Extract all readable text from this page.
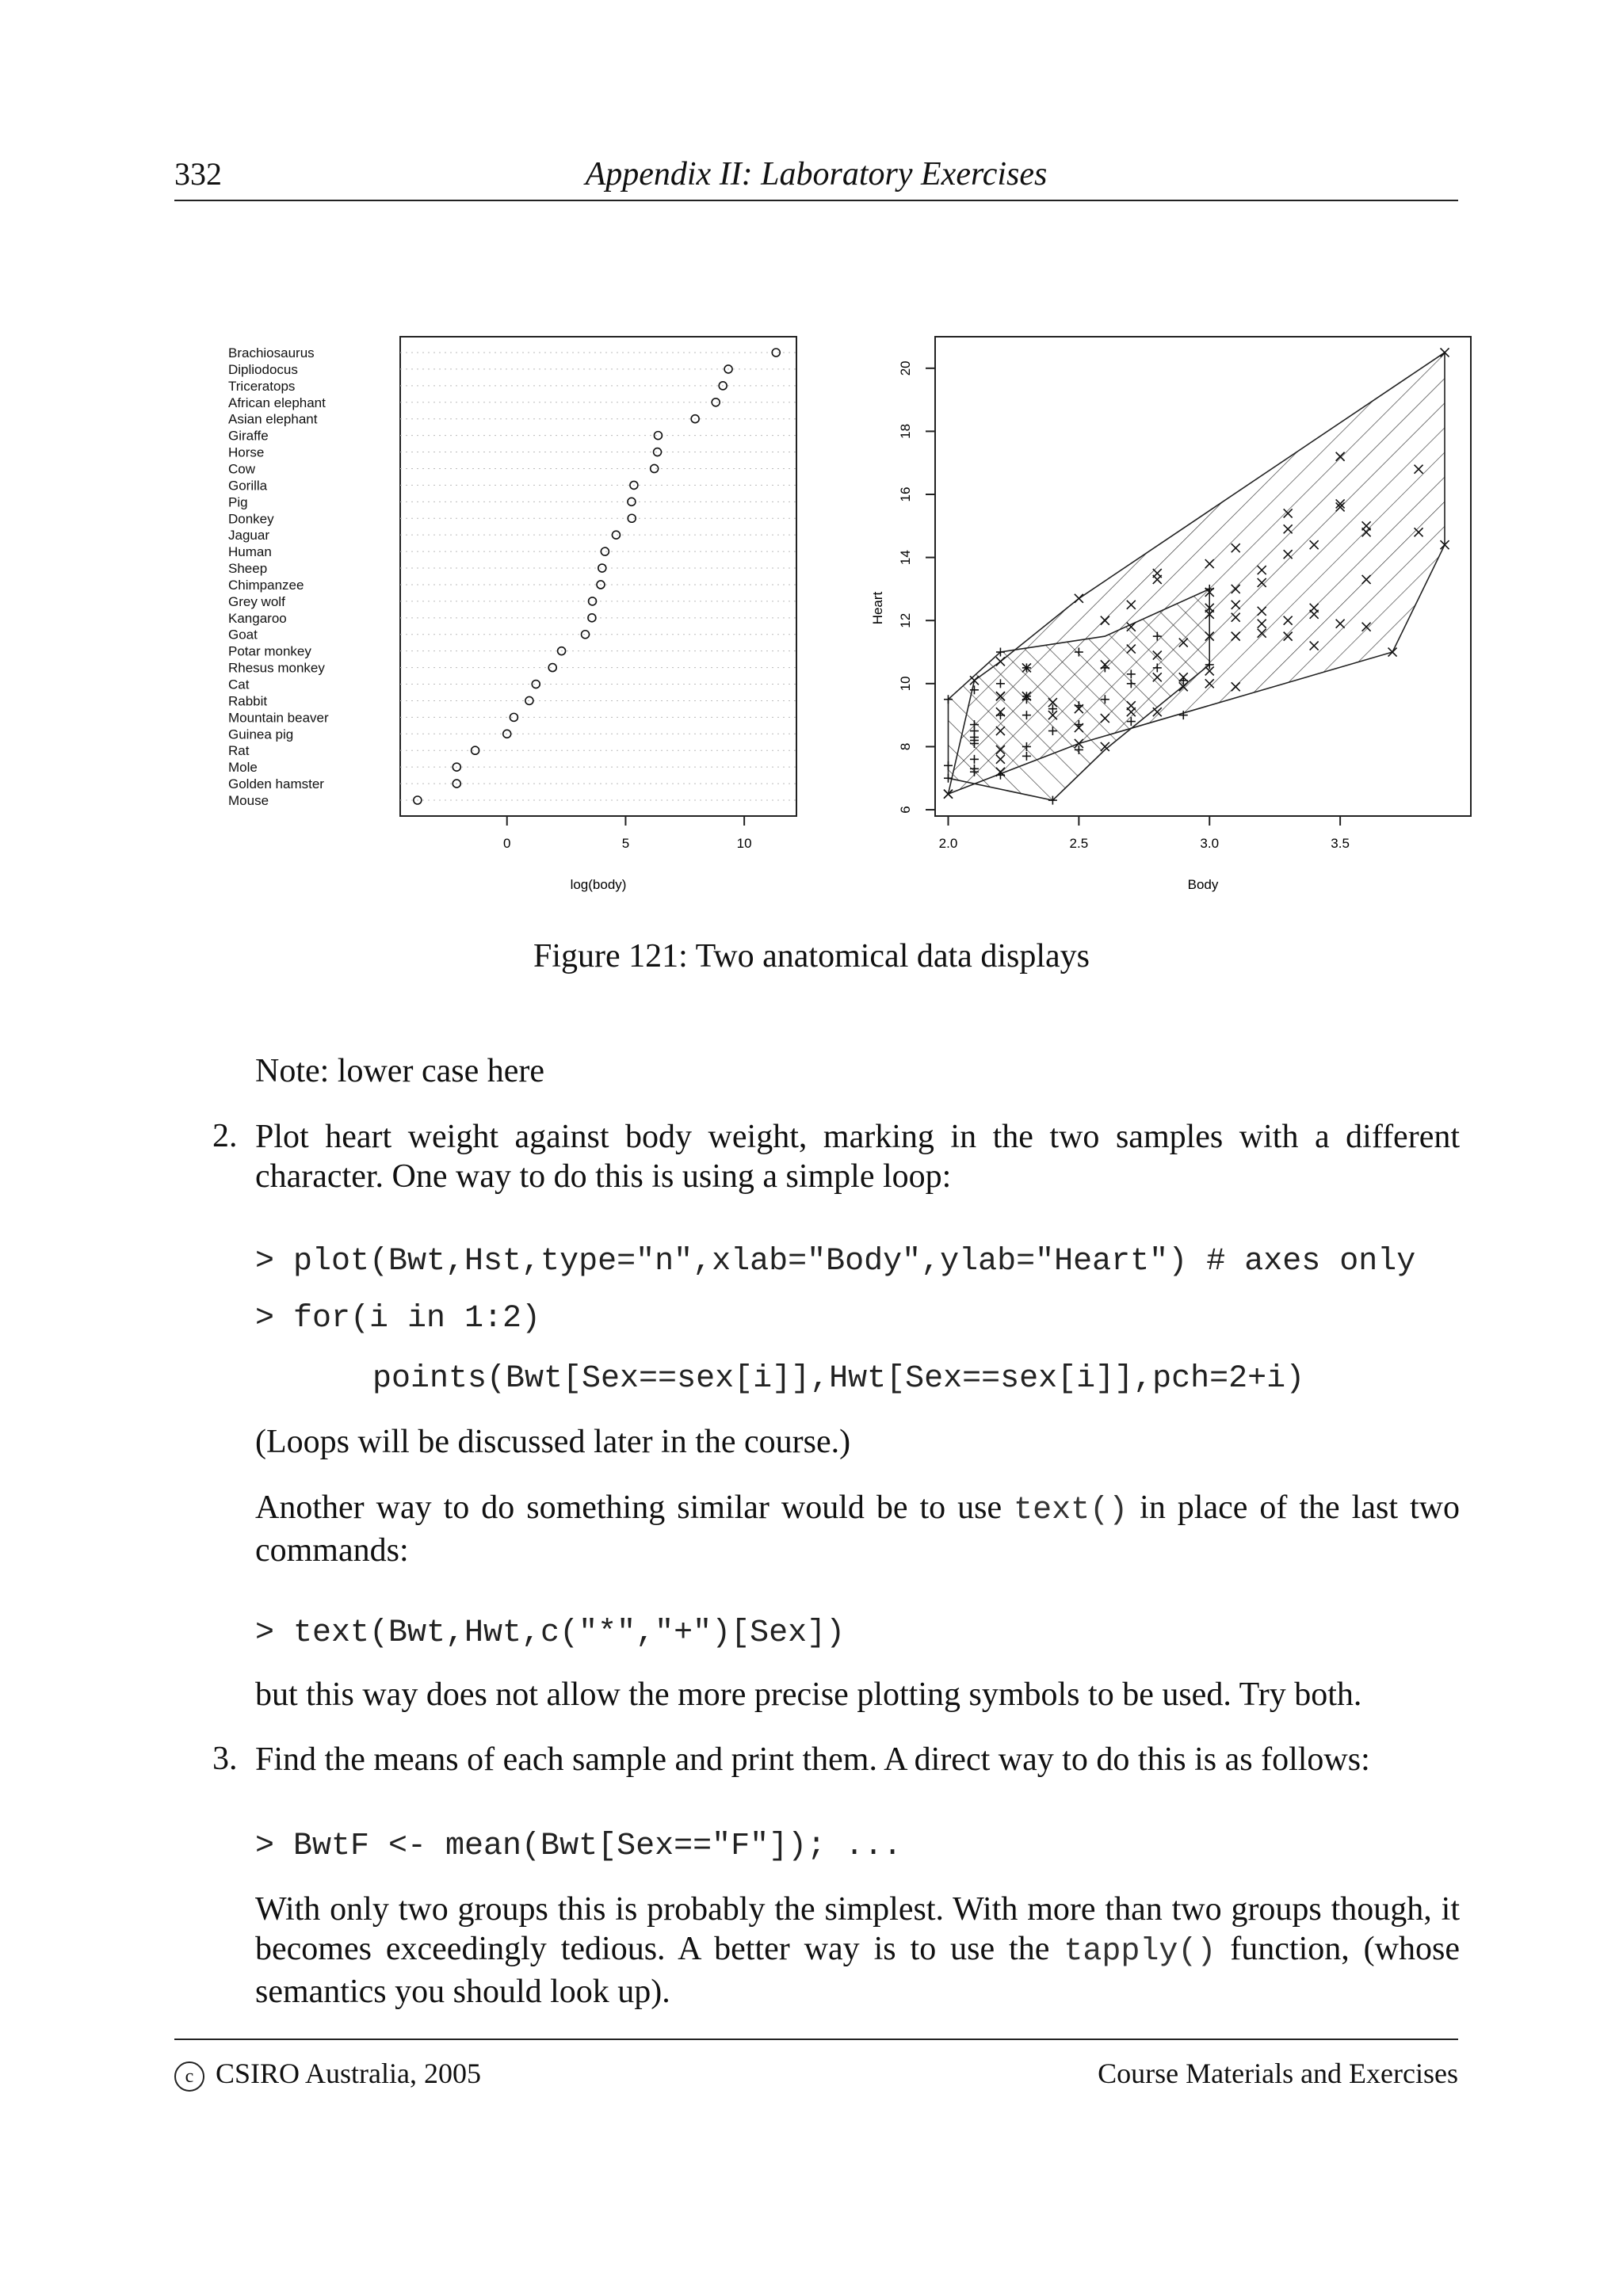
332	Appendix II: Laboratory Exercises
Brachiosaurus
Dipliodocus
Triceratops
African elephant
Asian elephant
Giraffe
Horse
Cow
Gorilla
Pig
Donkey
Jaguar
Human
Sheep
Chimpanzee
Grey wolf
Kangaroo
Goat
Potar monkey
Rhesus monkey
Cat
Rabbit
Mountain beaver
Guinea pig
Rat
Mole
Golden hamster
Mouse
0	5	10
log(body)
2.0	2.5	3.0	3.5
6
8
10
12
14
16
18
20
Body
Heart
Figure 121: Two anatomical data displays
Note: lower case here
2. Plot heart weight against body weight, marking in the two samples with a different character. One way to do this is using a simple loop:
> plot(Bwt,Hst,type="n",xlab="Body",ylab="Heart") # axes only
> for(i in 1:2)
points(Bwt[Sex==sex[i]],Hwt[Sex==sex[i]],pch=2+i)
(Loops will be discussed later in the course.)
Another way to do something similar would be to use text() in place of the last two commands:
> text(Bwt,Hwt,c("*","+")[Sex])
but this way does not allow the more precise plotting symbols to be used. Try both.
3. Find the means of each sample and print them. A direct way to do this is as follows:
> BwtF <- mean(Bwt[Sex=="F"]); ...
With only two groups this is probably the simplest. With more than two groups though, it becomes exceedingly tedious. A better way is to use the tapply() function, (whose semantics you should look up).
c CSIRO Australia, 2005	Course Materials and Exercises
